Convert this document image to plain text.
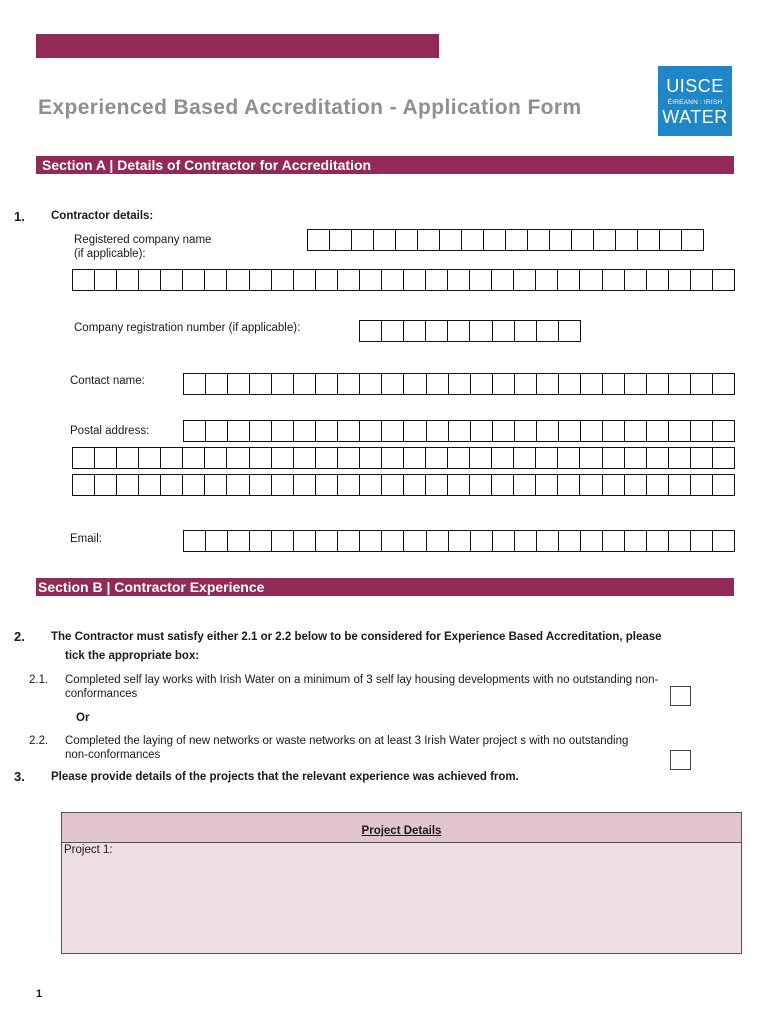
Experienced Based Accreditation - Application Form
UISCE
ÉIREANN : IRISH
WATER
Section A | Details of Contractor for Accreditation
1. Contractor details:
Registered company name
(if applicable):
Company registration number (if applicable):
Contact name:
Postal address:
Email:
Section B | Contractor Experience
2. The Contractor must satisfy either 2.1 or 2.2 below to be considered for Experience Based Accreditation, please
tick the appropriate box:
2.1. Completed self lay works with Irish Water on a minimum of 3 self lay housing developments with no outstanding non-
conformances
Or
2.2. Completed the laying of new networks or waste networks on at least 3 Irish Water project s with no outstanding
non-conformances
3. Please provide details of the projects that the relevant experience was achieved from.
Project Details
Project 1:
1
